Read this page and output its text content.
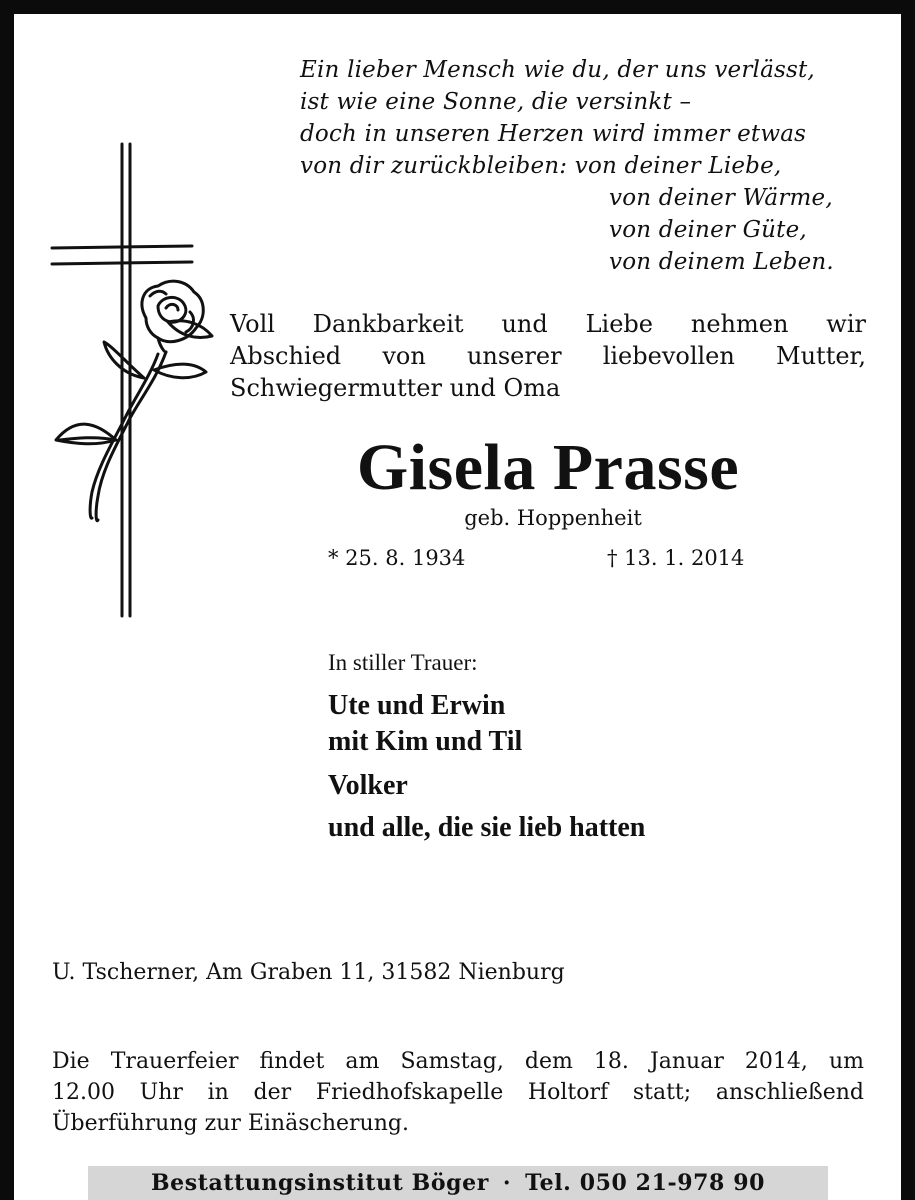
Ein lieber Mensch wie du, der uns verlässt,
ist wie eine Sonne, die versinkt –
doch in unseren Herzen wird immer etwas
von dir zurückbleiben: von deiner Liebe,
von deiner Wärme,
von deiner Güte,
von deinem Leben.
Voll Dankbarkeit und Liebe nehmen wir
Abschied von unserer liebevollen Mutter,
Schwiegermutter und Oma
Gisela Prasse
geb. Hoppenheit
* 25. 8. 1934	† 13. 1. 2014
In stiller Trauer:
Ute und Erwin
mit Kim und Til
Volker
und alle, die sie lieb hatten
U. Tscherner, Am Graben 11, 31582 Nienburg
Die Trauerfeier findet am Samstag, dem 18. Januar 2014, um
12.00 Uhr in der Friedhofskapelle Holtorf statt; anschließend
Überführung zur Einäscherung.
Bestattungsinstitut Böger · Tel. 050 21-978 90
